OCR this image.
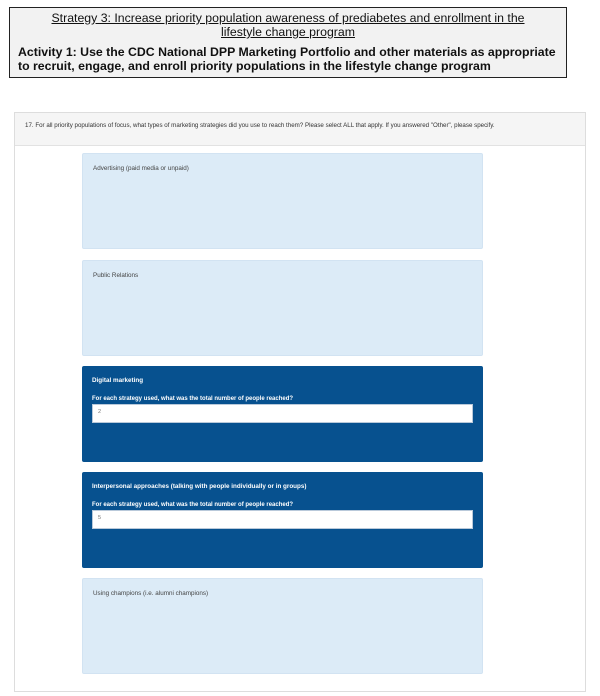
Strategy 3: Increase priority population awareness of prediabetes and enrollment in the lifestyle change program
Activity 1: Use the CDC National DPP Marketing Portfolio and other materials as appropriate to recruit, engage, and enroll priority populations in the lifestyle change program
17. For all priority populations of focus, what types of marketing strategies did you use to reach them? Please select ALL that apply. If you answered "Other", please specify.
Advertising (paid media or unpaid)
Public Relations
Digital marketing
For each strategy used, what was the total number of people reached?
2
Interpersonal approaches (talking with people individually or in groups)
For each strategy used, what was the total number of people reached?
5
Using champions (i.e. alumni champions)
